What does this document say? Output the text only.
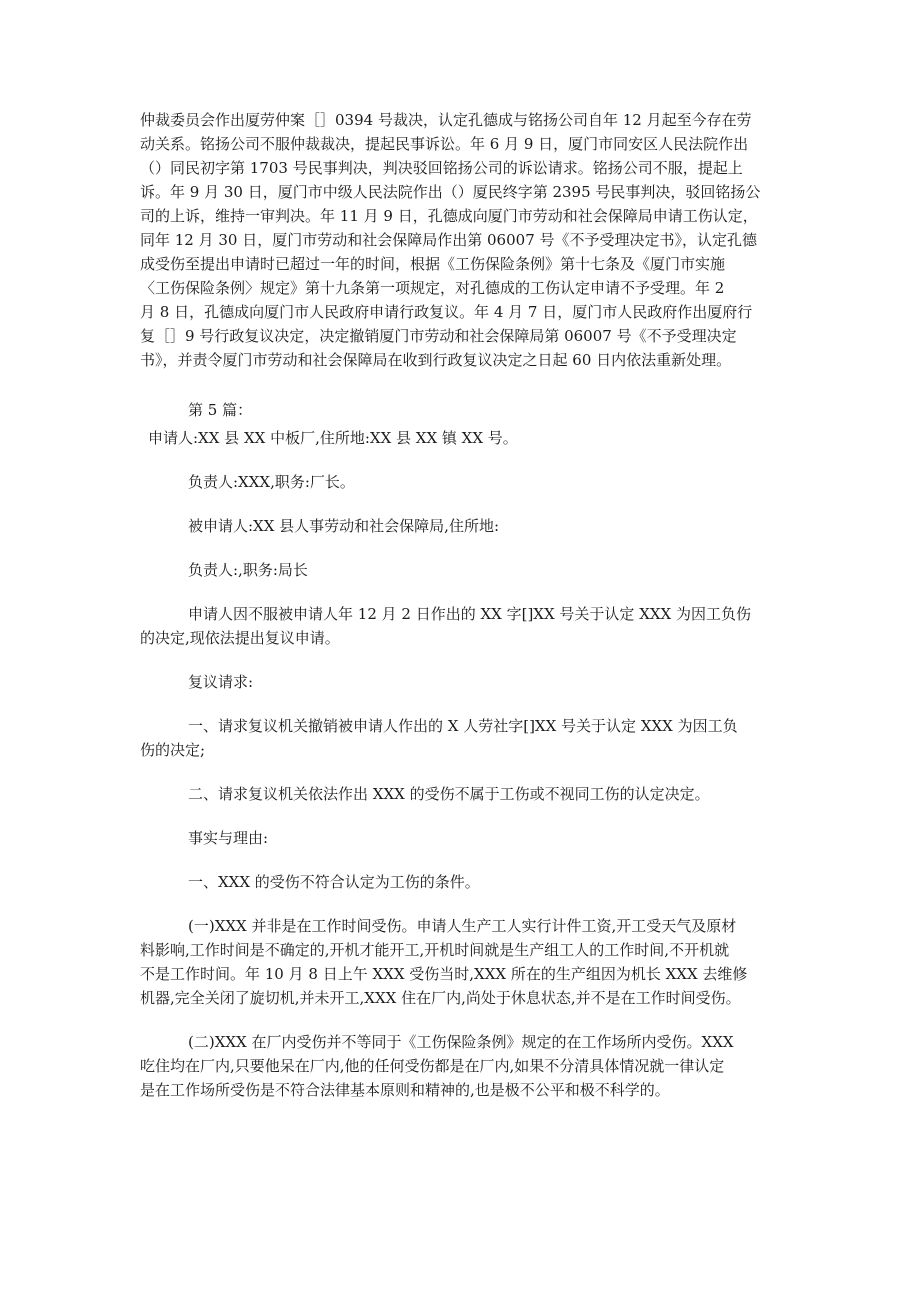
仲裁委员会作出厦劳仲案［］0394 号裁决，认定孔德成与铭扬公司自年 12 月起至今存在劳
动关系。铭扬公司不服仲裁裁决，提起民事诉讼。年 6 月 9 日，厦门市同安区人民法院作出
（）同民初字第 1703 号民事判决，判决驳回铭扬公司的诉讼请求。铭扬公司不服，提起上
诉。年 9 月 30 日，厦门市中级人民法院作出（）厦民终字第 2395 号民事判决，驳回铭扬公
司的上诉，维持一审判决。年 11 月 9 日，孔德成向厦门市劳动和社会保障局申请工伤认定，
同年 12 月 30 日，厦门市劳动和社会保障局作出第 06007 号《不予受理决定书》，认定孔德
成受伤至提出申请时已超过一年的时间，根据《工伤保险条例》第十七条及《厦门市实施
〈工伤保险条例〉规定》第十九条第一项规定，对孔德成的工伤认定申请不予受理。年 2
月 8 日，孔德成向厦门市人民政府申请行政复议。年 4 月 7 日，厦门市人民政府作出厦府行
复［］9 号行政复议决定，决定撤销厦门市劳动和社会保障局第 06007 号《不予受理决定
书》，并责令厦门市劳动和社会保障局在收到行政复议决定之日起 60 日内依法重新处理。

第 5 篇：

申请人:XX 县 XX 中板厂,住所地:XX 县 XX 镇 XX 号。

负责人:XXX,职务:厂长。

被申请人:XX 县人事劳动和社会保障局,住所地:

负责人:,职务:局长

申请人因不服被申请人年 12 月 2 日作出的 XX 字[]XX 号关于认定 XXX 为因工负伤
的决定,现依法提出复议申请。

复议请求:

一、请求复议机关撤销被申请人作出的 X 人劳社字[]XX 号关于认定 XXX 为因工负
伤的决定;

二、请求复议机关依法作出 XXX 的受伤不属于工伤或不视同工伤的认定决定。

事实与理由:

一、XXX 的受伤不符合认定为工伤的条件。

(一)XXX 并非是在工作时间受伤。申请人生产工人实行计件工资,开工受天气及原材
料影响,工作时间是不确定的,开机才能开工,开机时间就是生产组工人的工作时间,不开机就
不是工作时间。年 10 月 8 日上午 XXX 受伤当时,XXX 所在的生产组因为机长 XXX 去维修
机器,完全关闭了旋切机,并未开工,XXX 住在厂内,尚处于休息状态,并不是在工作时间受伤。
(二)XXX 在厂内受伤并不等同于《工伤保险条例》规定的在工作场所内受伤。XXX
吃住均在厂内,只要他呆在厂内,他的任何受伤都是在厂内,如果不分清具体情况就一律认定
是在工作场所受伤是不符合法律基本原则和精神的,也是极不公平和极不科学的。
